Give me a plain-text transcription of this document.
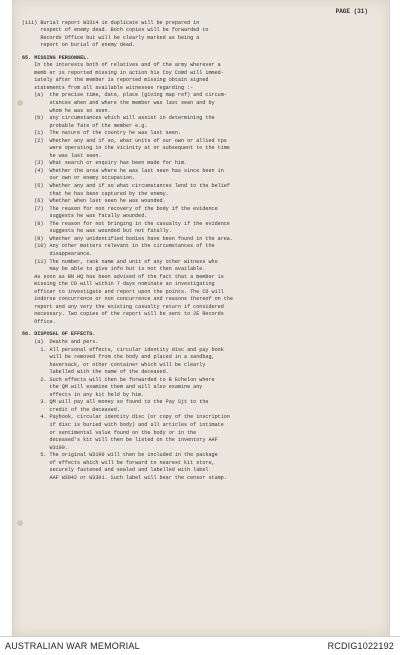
PAGE (31)
(iii) Burial report W3314 in duplicate will be prepared in
respect of enemy dead. Both copies will be forwarded to
Records Office but will be clearly marked as being a
report on burial of enemy dead.
65. MISSING PERSONNEL.
In the interests both of relatives and of the army wherever a
memb er is reported missing in action his Coy Comd will immed-
iately after the member is reported missing obtain signed
statements from all available witnesses regarding :-
(a)  the precise time, date, place (giving map ref) and circum-
stances when and where the member was last seen and by
whom he was so seen.
(b)  any circumstances which will assist in determining the
probable fate of the member e.g.
(1)  The nature of the country he was last seen.
(2)  Whether any and if so, what units of our own or allied tps
were operating in the vicinity at or subsequent to the time
he was last seen.
(3)  What search or enquiry has been made for him.
(4)  Whether the area where he was last seen has since been in
our own or enemy occupation.
(5)  Whether any and if so what circumstances lend to the belief
that he has been captured by the enemy.
(6)  Whether when last seen he was wounded.
(7)  The reason for non recovery of the body if the evidence
suggests he was fatally wounded.
(8)  The reason for not bringing in the casualty if the evidence
suggests he was wounded but not fatally.
(9)  Whether any unidentified bodies have been found in the area.
(10) Any other matters relevant in the circumstances of the
disappearance.
(11) The number, rank name and unit of any other witness who
may be able to give info but is not then available.
As soon as BN HQ has been advised of the fact that a member is
missing the CO will within 7 days nominate an investigating
officer to investigate and report upon the points. The CO will
indorse concurrence or non concurrence and reasons thereof on the
report and any very the existing casualty return if considered
necessary. Two copies of the report will be sent to 2E Records
Office.
66. DISPOSAL OF EFFECTS.
(a)  Deaths and pers.
1. All personal effects, circular identity disc and pay book
will be removed from the body and placed in a sandbag,
haversack, or other container which will be clearly
labelled with the name of the deceased.
2. Such effects will then be forwarded to B Echelon where
the QM will examine them and will also examine any
effects in any kit held by him.
3. QM will pay all money so found to the Pay Sjt to the
credit of the deceased.
4. Paybook, circular identity disc (or copy of the inscription
if disc is buried with body) and all articles of intimate
or sentimental value found on the body or in the
deceased's kit will then be listed on the inventory AAF
W3190.
5. The original W3190 will then be included in the package
of effects which will be forward to nearest kit store,
securely fastened and sealed and labelled with label
AAF W3042 or W3301. Such label will bear the censor stamp.
AUSTRALIAN WAR MEMORIAL	RCDIG1022192
